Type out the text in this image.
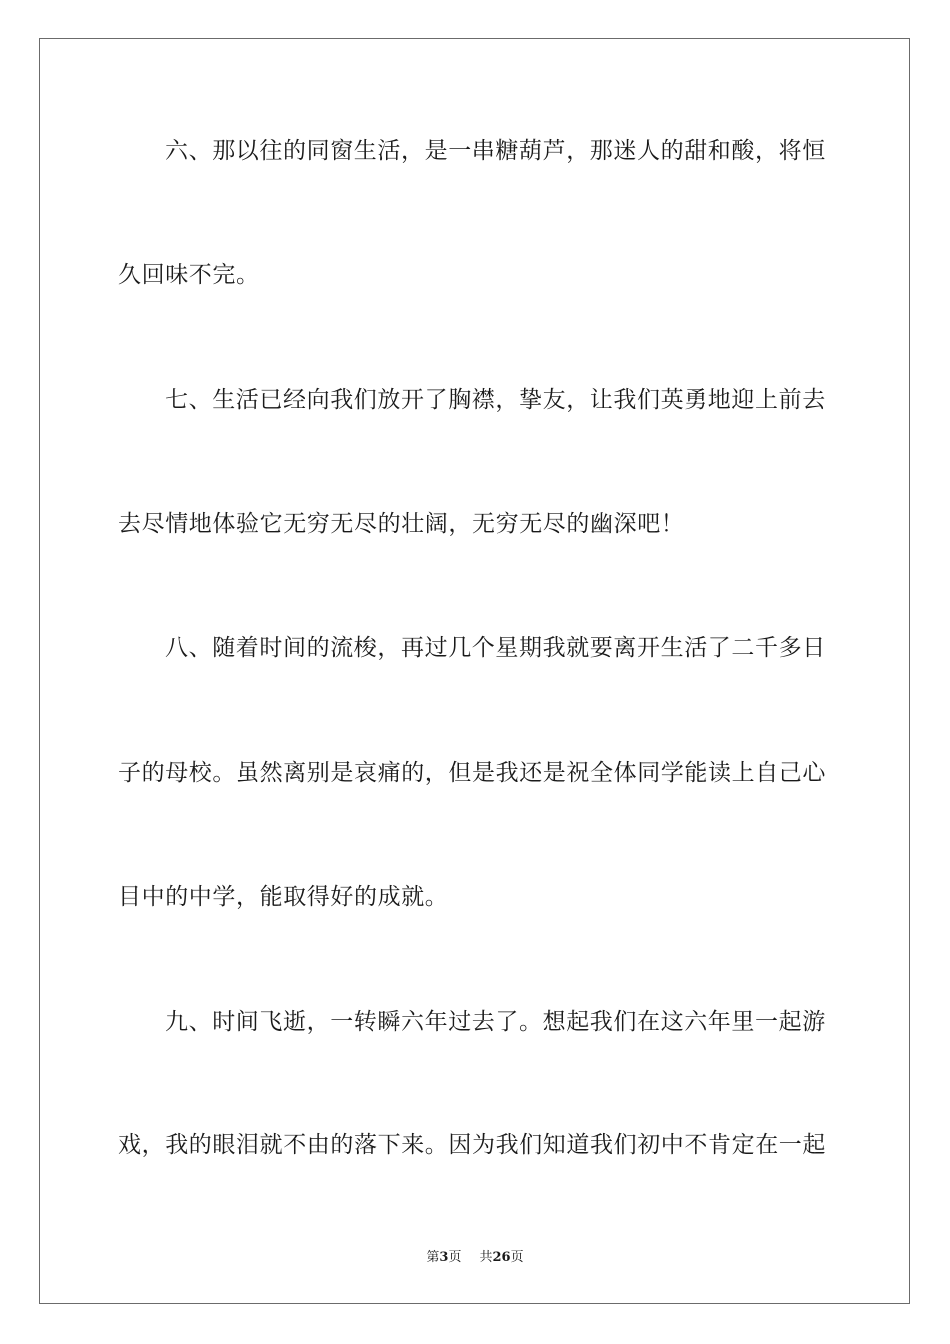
六、那以往的同窗生活，是一串糖葫芦，那迷人的甜和酸，将恒
久回味不完。
七、生活已经向我们放开了胸襟，挚友，让我们英勇地迎上前去
去尽情地体验它无穷无尽的壮阔，无穷无尽的幽深吧！
八、随着时间的流梭，再过几个星期我就要离开生活了二千多日
子的母校。虽然离别是哀痛的，但是我还是祝全体同学能读上自己心
目中的中学，能取得好的成就。
九、时间飞逝，一转瞬六年过去了。想起我们在这六年里一起游
戏，我的眼泪就不由的落下来。因为我们知道我们初中不肯定在一起
第3页 共26页
